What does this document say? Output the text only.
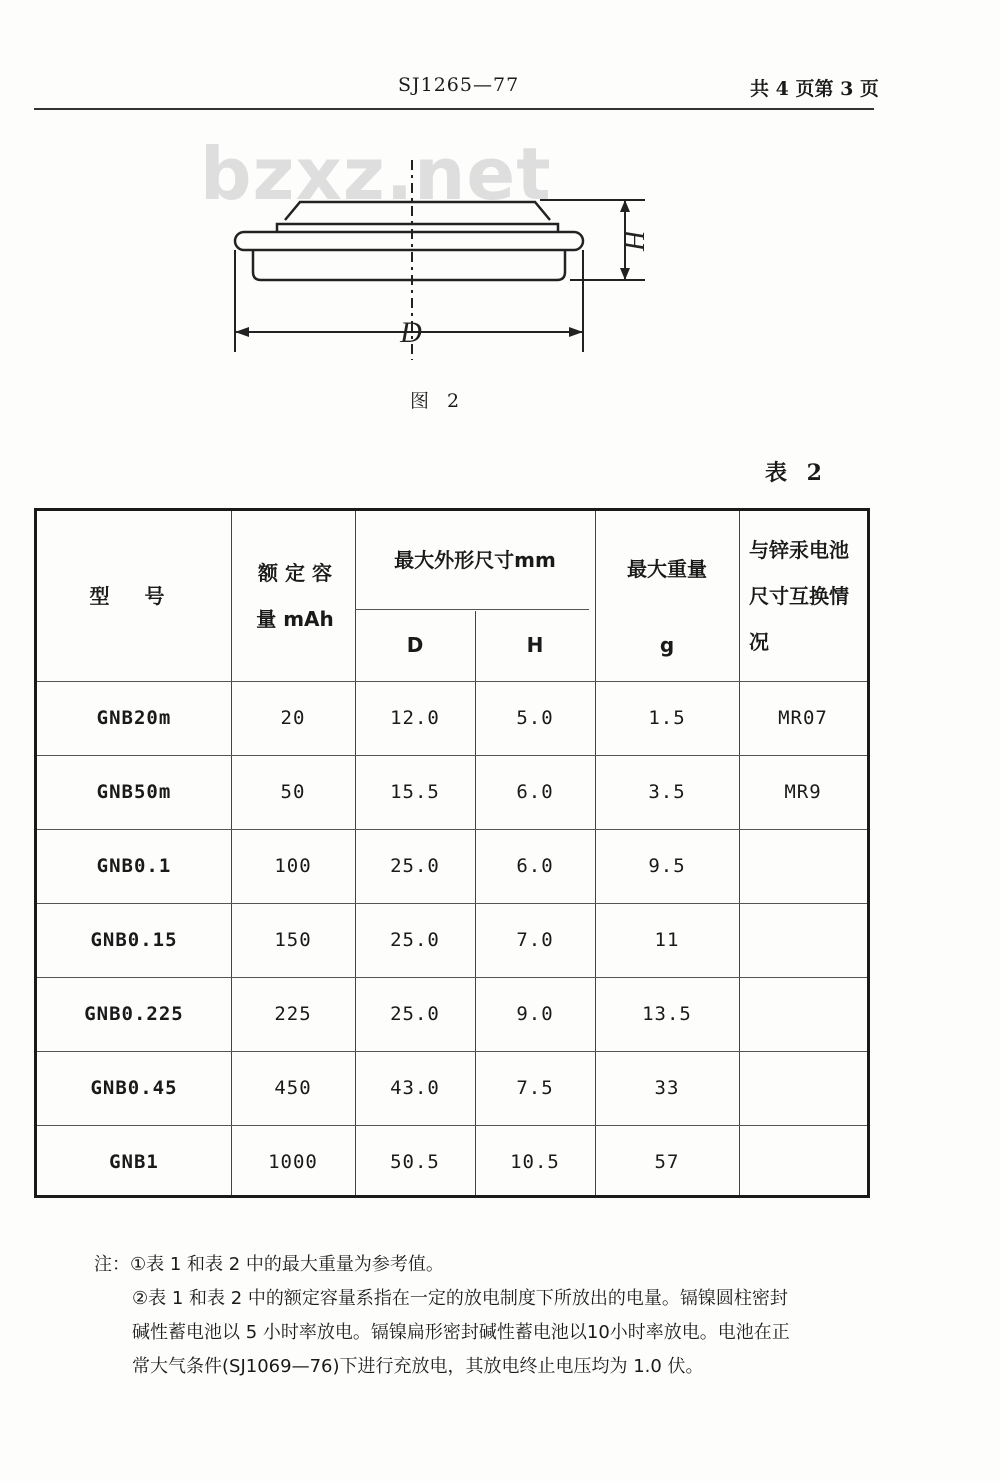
SJ1265—77	共 4 页第 3 页
bzxz.net
D
H
图 2
表 2
型 号
额 定 容 量 mAh
最大外形尺寸mm
D	H
最大重量
g
与锌汞电池尺寸互换情况
GNB20m	20	12.0	5.0	1.5	MR07
GNB50m	50	15.5	6.0	3.5	MR9
GNB0.1	100	25.0	6.0	9.5
GNB0.15	150	25.0	7.0	11
GNB0.225	225	25.0	9.0	13.5
GNB0.45	450	43.0	7.5	33
GNB1	1000	50.5	10.5	57

注：①表 1 和表 2 中的最大重量为参考值。

②表 1 和表 2 中的额定容量系指在一定的放电制度下所放出的电量。镉镍圆柱密封

碱性蓄电池以 5 小时率放电。镉镍扁形密封碱性蓄电池以10小时率放电。电池在正

常大气条件(SJ1069—76)下进行充放电，其放电终止电压均为 1.0 伏。
